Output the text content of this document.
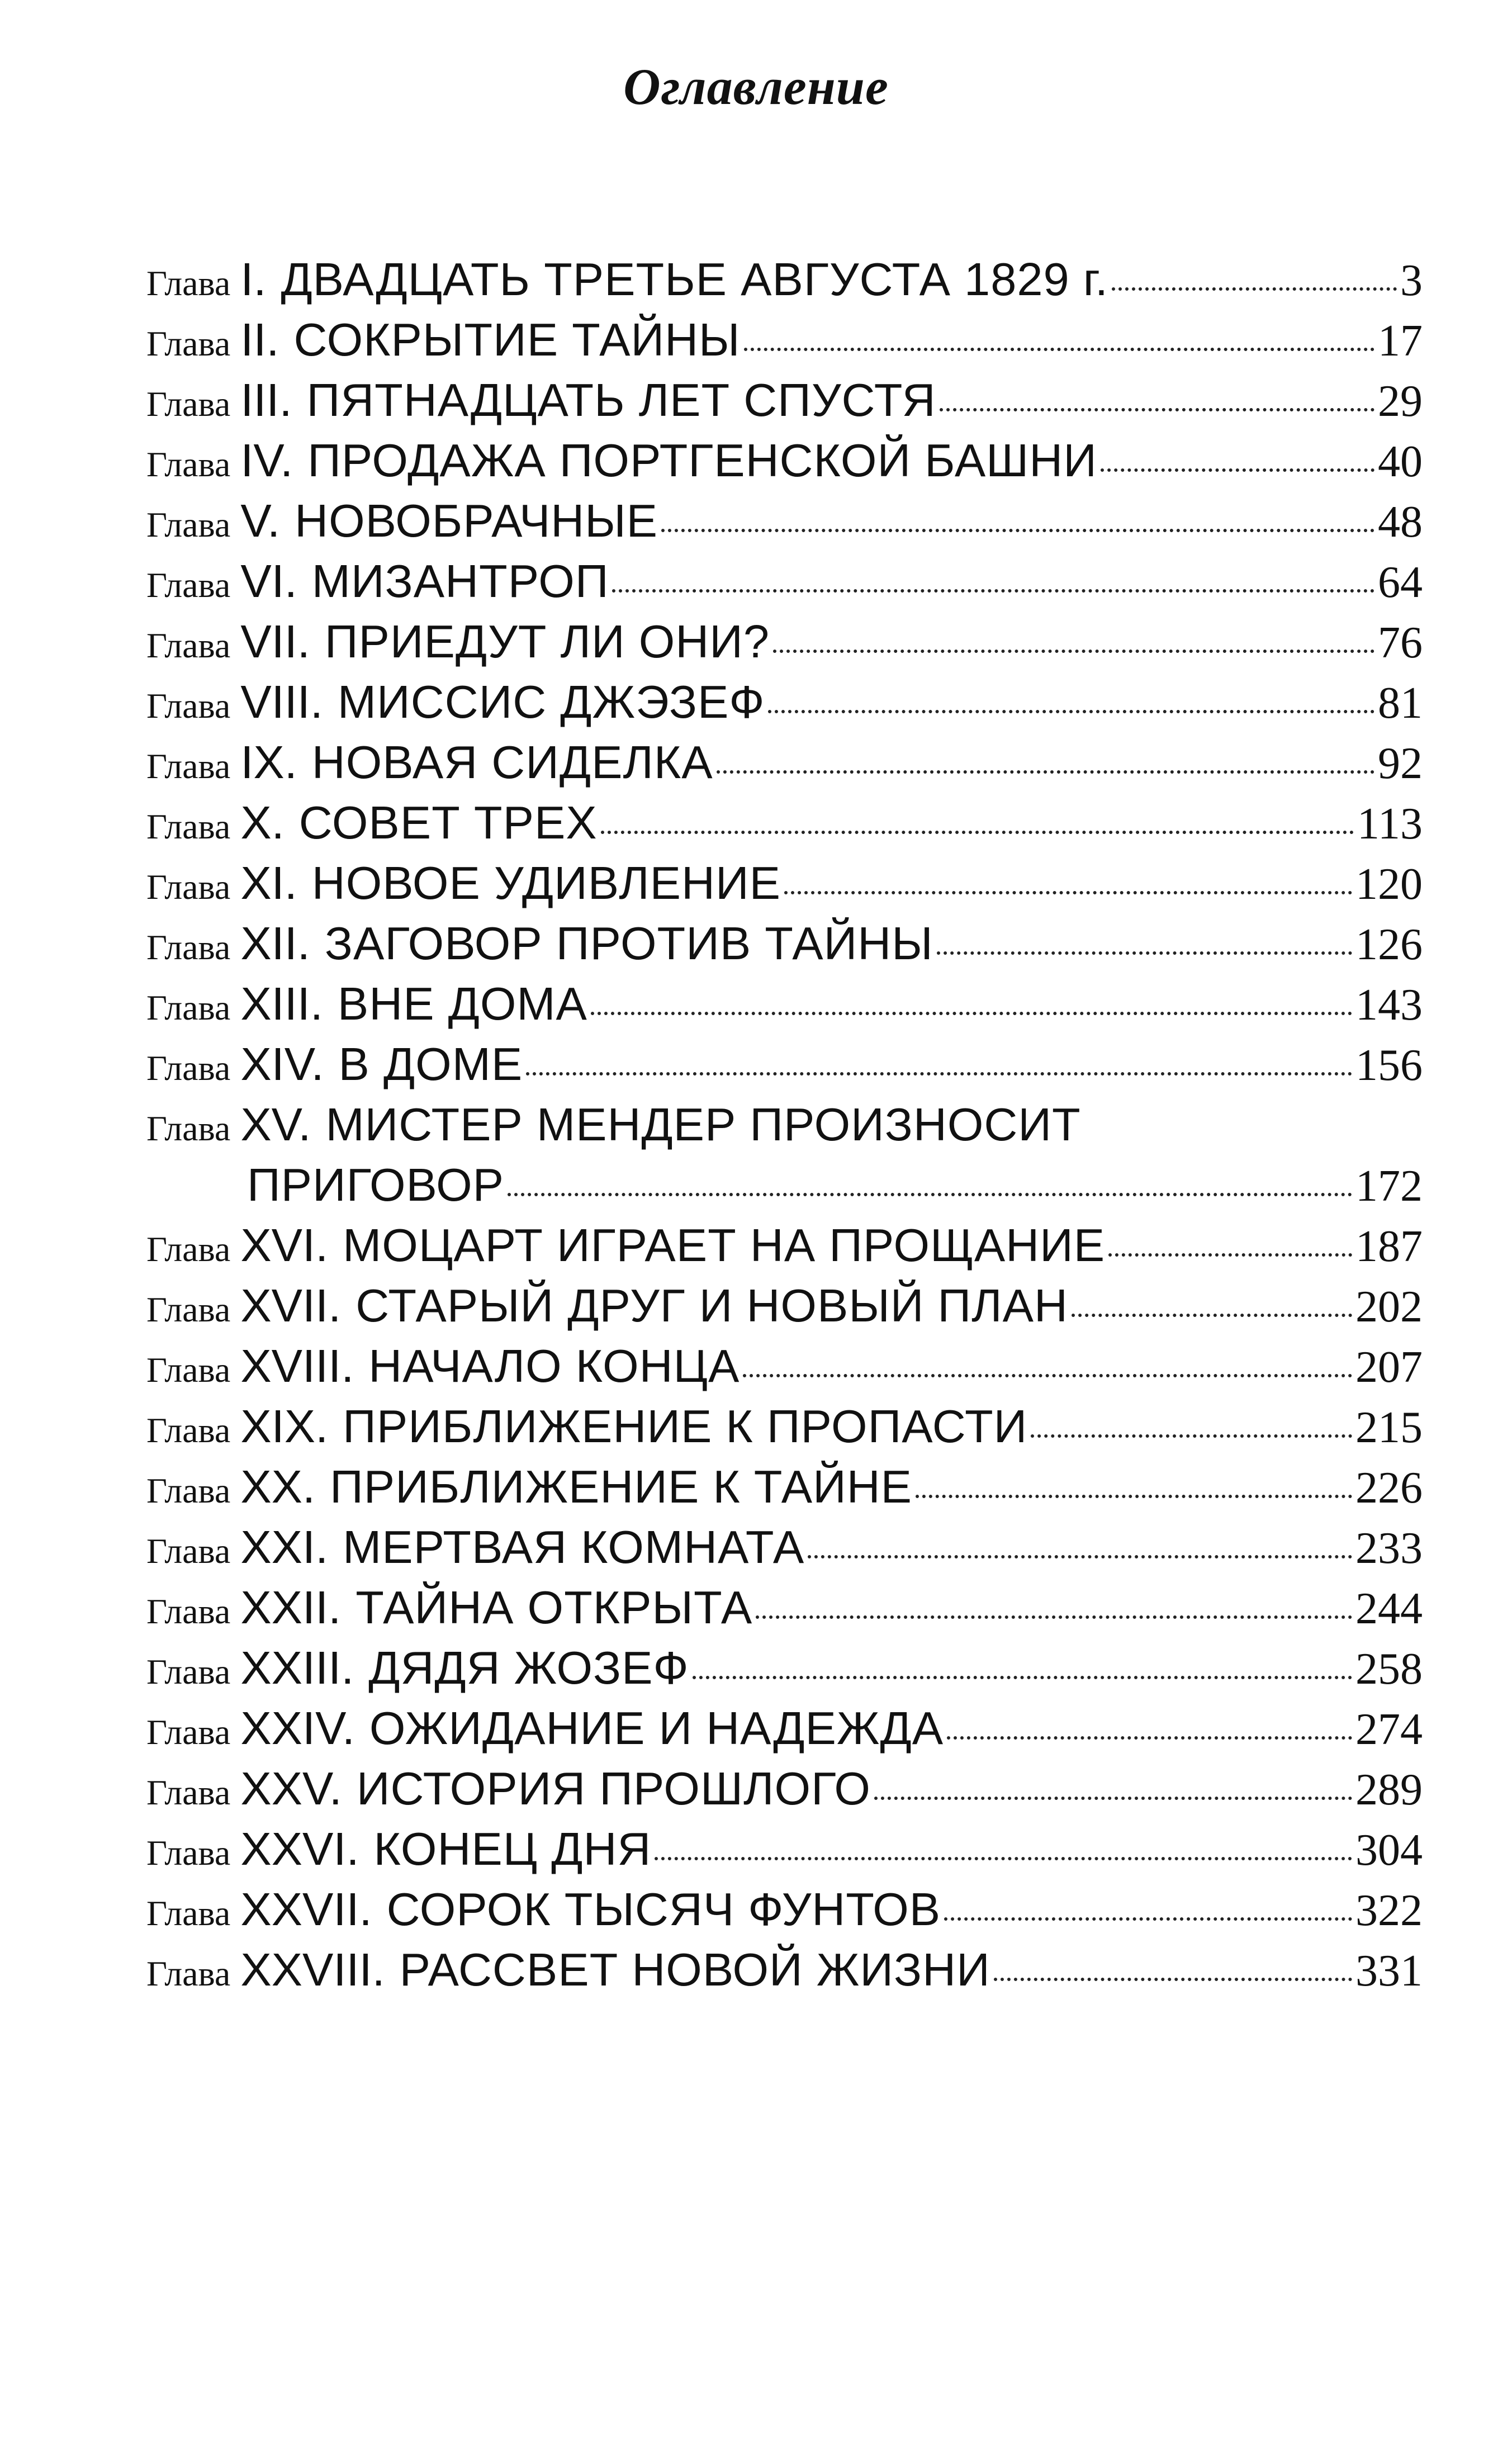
Оглавление
Глава I. ДВАДЦАТЬ ТРЕТЬЕ АВГУСТА 1829 г.	3
Глава II. СОКРЫТИЕ ТАЙНЫ	17
Глава III. ПЯТНАДЦАТЬ ЛЕТ СПУСТЯ	29
Глава IV. ПРОДАЖА ПОРТГЕНСКОЙ БАШНИ	40
Глава V. НОВОБРАЧНЫЕ	48
Глава VI. МИЗАНТРОП	64
Глава VII. ПРИЕДУТ ЛИ ОНИ?	76
Глава VIII. МИССИС ДЖЭЗЕФ	81
Глава IX. НОВАЯ СИДЕЛКА	92
Глава X. СОВЕТ ТРЕХ	113
Глава XI. НОВОЕ УДИВЛЕНИЕ	120
Глава XII. ЗАГОВОР ПРОТИВ ТАЙНЫ	126
Глава XIII. ВНЕ ДОМА	143
Глава XIV. В ДОМЕ	156
Глава XV. МИСТЕР МЕНДЕР ПРОИЗНОСИТ
ПРИГОВОР	172
Глава XVI. МОЦАРТ ИГРАЕТ НА ПРОЩАНИЕ	187
Глава XVII. СТАРЫЙ ДРУГ И НОВЫЙ ПЛАН	202
Глава XVIII. НАЧАЛО КОНЦА	207
Глава XIX. ПРИБЛИЖЕНИЕ К ПРОПАСТИ	215
Глава XX. ПРИБЛИЖЕНИЕ К ТАЙНЕ	226
Глава XXI. МЕРТВАЯ КОМНАТА	233
Глава XXII. ТАЙНА ОТКРЫТА	244
Глава XXIII. ДЯДЯ ЖОЗЕФ	258
Глава XXIV. ОЖИДАНИЕ И НАДЕЖДА	274
Глава XXV. ИСТОРИЯ ПРОШЛОГО	289
Глава XXVI. КОНЕЦ ДНЯ	304
Глава XXVII. СОРОК ТЫСЯЧ ФУНТОВ	322
Глава XXVIII. РАССВЕТ НОВОЙ ЖИЗНИ	331
